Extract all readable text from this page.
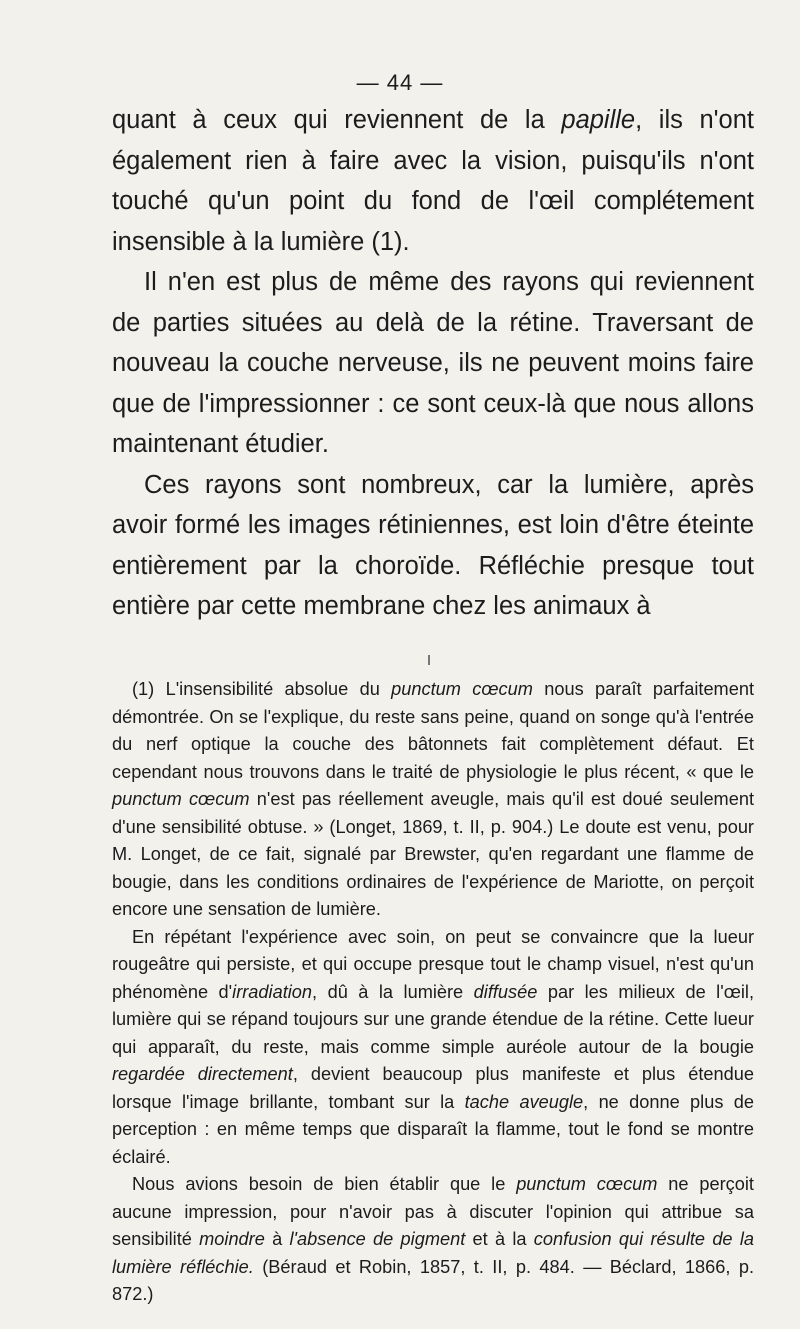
— 44 —

quant à ceux qui reviennent de la papille, ils n'ont également rien à faire avec la vision, puisqu'ils n'ont touché qu'un point du fond de l'œil complétement insensible à la lumière (1).

Il n'en est plus de même des rayons qui reviennent de parties situées au delà de la rétine. Traversant de nouveau la couche nerveuse, ils ne peuvent moins faire que de l'impressionner : ce sont ceux-là que nous allons maintenant étudier.

Ces rayons sont nombreux, car la lumière, après avoir formé les images rétiniennes, est loin d'être éteinte entièrement par la choroïde. Réfléchie presque tout entière par cette membrane chez les animaux à

(1) L'insensibilité absolue du punctum cœcum nous paraît parfaitement démontrée. On se l'explique, du reste sans peine, quand on songe qu'à l'entrée du nerf optique la couche des bâtonnets fait complètement défaut. Et cependant nous trouvons dans le traité de physiologie le plus récent, « que le punctum cœcum n'est pas réellement aveugle, mais qu'il est doué seulement d'une sensibilité obtuse. » (Longet, 1869, t. II, p. 904.) Le doute est venu, pour M. Longet, de ce fait, signalé par Brewster, qu'en regardant une flamme de bougie, dans les conditions ordinaires de l'expérience de Mariotte, on perçoit encore une sensation de lumière.

En répétant l'expérience avec soin, on peut se convaincre que la lueur rougeâtre qui persiste, et qui occupe presque tout le champ visuel, n'est qu'un phénomène d'irradiation, dû à la lumière diffusée par les milieux de l'œil, lumière qui se répand toujours sur une grande étendue de la rétine. Cette lueur qui apparaît, du reste, mais comme simple auréole autour de la bougie regardée directement, devient beaucoup plus manifeste et plus étendue lorsque l'image brillante, tombant sur la tache aveugle, ne donne plus de perception : en même temps que disparaît la flamme, tout le fond se montre éclairé.

Nous avions besoin de bien établir que le punctum cœcum ne perçoit aucune impression, pour n'avoir pas à discuter l'opinion qui attribue sa sensibilité moindre à l'absence de pigment et à la confusion qui résulte de la lumière réfléchie. (Béraud et Robin, 1857, t. II, p. 484. — Béclard, 1866, p. 872.)
